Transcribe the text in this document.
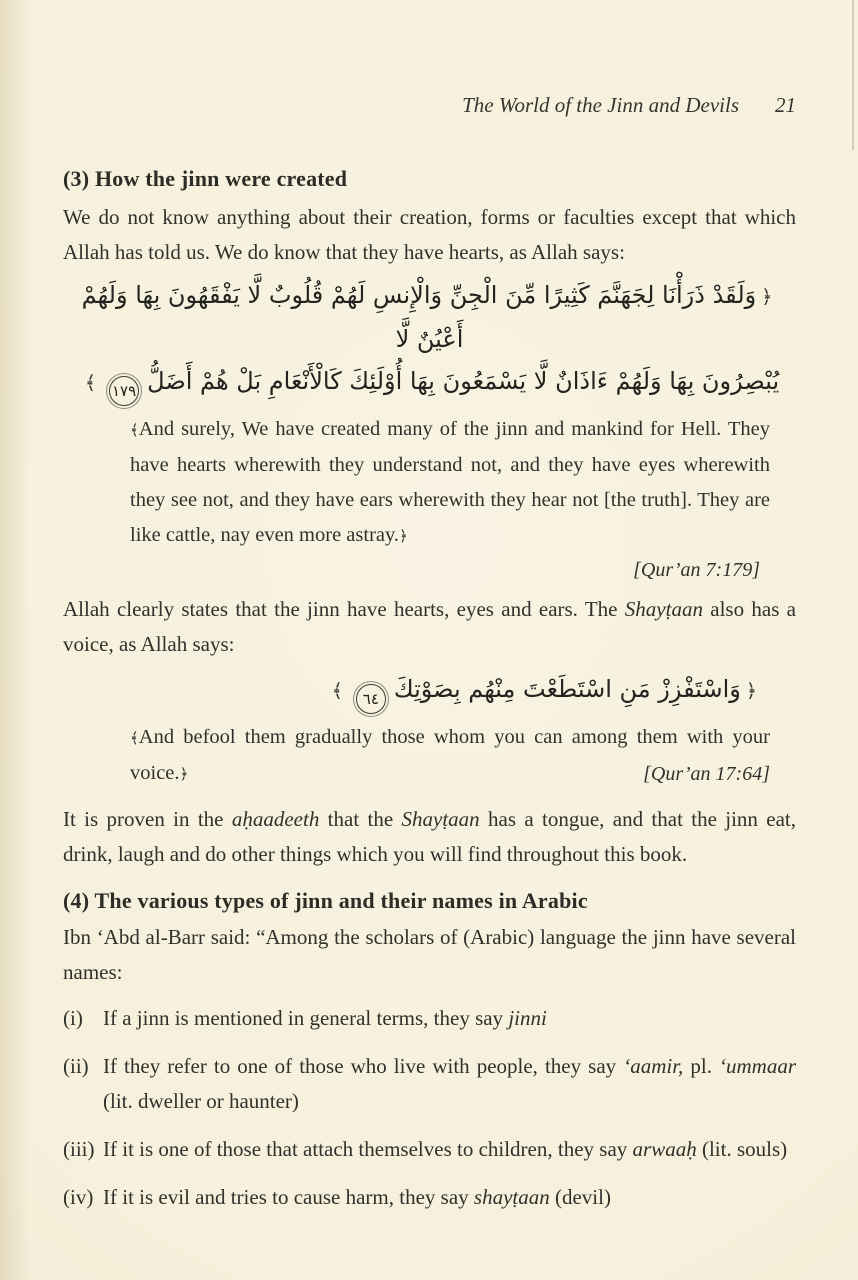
The World of the Jinn and Devils 21
(3) How the jinn were created

We do not know anything about their creation, forms or faculties except that which Allah has told us. We do know that they have hearts, as Allah says:

﴿وَلَقَدْ ذَرَأْنَا لِجَهَنَّمَ كَثِيرًا مِّنَ الْجِنِّ وَالْإِنسِ لَهُمْ قُلُوبٌ لَّا يَفْقَهُونَ بِهَا وَلَهُمْ أَعْيُنٌ لَّا
يُبْصِرُونَ بِهَا وَلَهُمْ ءَاذَانٌ لَّا يَسْمَعُونَ بِهَا أُوْلَئِكَ كَالْأَنْعَامِ بَلْ هُمْ أَضَلُّ١٧٩﴾
﴾And surely, We have created many of the jinn and mankind for Hell. They have hearts wherewith they understand not, and they have eyes wherewith they see not, and they have ears wherewith they hear not [the truth]. They are like cattle, nay even more astray.﴿
[Qur’an 7:179]

Allah clearly states that the jinn have hearts, eyes and ears. The Shayṭaan also has a voice, as Allah says:

﴿وَاسْتَفْزِزْ مَنِ اسْتَطَعْتَ مِنْهُم بِصَوْتِكَ٦٤﴾
﴾And befool them gradually those whom you can among them with your voice.﴿	[Qur’an 17:64]

It is proven in the aḥaadeeth that the Shayṭaan has a tongue, and that the jinn eat, drink, laugh and do other things which you will find throughout this book.

(4) The various types of jinn and their names in Arabic

Ibn ‘Abd al-Barr said: “Among the scholars of (Arabic) language the jinn have several names:

(i) If a jinn is mentioned in general terms, they say jinni
(ii) If they refer to one of those who live with people, they say ‘aamir, pl. ‘ummaar (lit. dweller or haunter)
(iii) If it is one of those that attach themselves to children, they say arwaaḥ (lit. souls)
(iv) If it is evil and tries to cause harm, they say shayṭaan (devil)
